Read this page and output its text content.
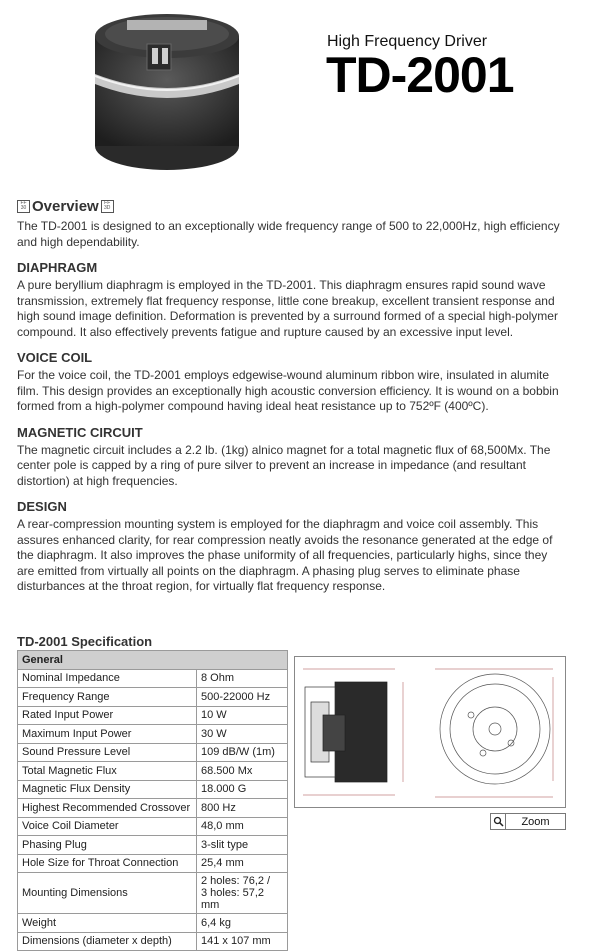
High Frequency Driver
TD-2001
FF
30 Overview	FF
3D

The TD-2001 is designed to an exceptionally wide frequency range of 500 to 22,000Hz, high efficiency and high dependability.

DIAPHRAGM

A pure beryllium diaphragm is employed in the TD-2001. This diaphragm ensures rapid sound wave transmission, extremely flat frequency response, little cone breakup, excellent transient response and high sound image definition. Deformation is prevented by a surround formed of a special high-polymer compound. It also effectively prevents fatigue and rupture caused by an excessive input level.

VOICE COIL

For the voice coil, the TD-2001 employs edgewise-wound aluminum ribbon wire, insulated in alumite film. This design provides an exceptionally high acoustic conversion efficiency. It is wound on a bobbin formed from a high-polymer compound having ideal heat resistance up to 752ºF (400ºC).

MAGNETIC CIRCUIT

The magnetic circuit includes a 2.2 lb. (1kg) alnico magnet for a total magnetic flux of 68,500Mx. The center pole is capped by a ring of pure silver to prevent an increase in impedance (and resultant distortion) at high frequencies.

DESIGN

A rear-compression mounting system is employed for the diaphragm and voice coil assembly. This assures enhanced clarity, for rear compression neatly avoids the resonance generated at the edge of the diaphragm. It also improves the phase uniformity of all frequencies, particularly highs, since they are emitted from virtually all points on the diaphragm. A phasing plug serves to eliminate phase disturbances at the throat region, for virtually flat frequency response.

TD-2001 Specification
General	
Nominal Impedance	8 Ohm
Frequency Range	500-22000 Hz
Rated Input Power	10 W
Maximum Input Power	30 W
Sound Pressure Level	109 dB/W (1m)
Total Magnetic Flux	68.500 Mx
Magnetic Flux Density	18.000 G
Highest Recommended Crossover	800 Hz
Voice Coil Diameter	48,0 mm
Phasing Plug	3-slit type
Hole Size for Throat Connection	25,4 mm
Mounting Dimensions	2 holes: 76,2 /
3 holes: 57,2 mm

Weight	6,4 kg
Dimensions (diameter x depth)	141 x 107 mm
Zoom
